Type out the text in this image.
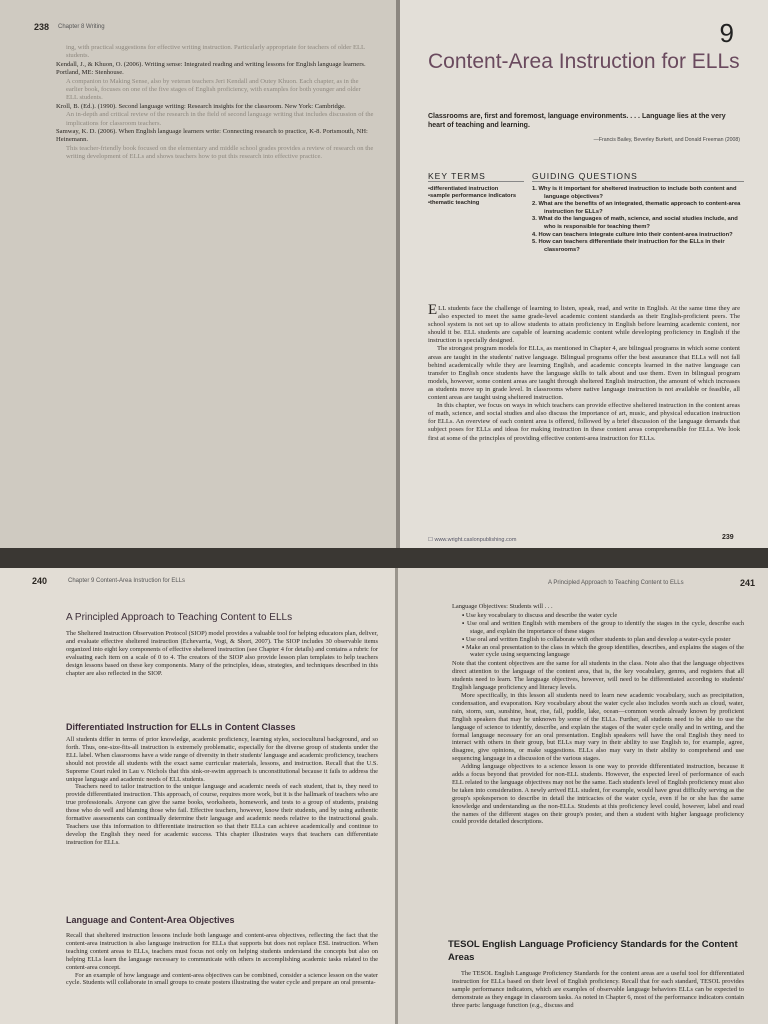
238 Chapter 8 Writing

ing, with practical suggestions for effective writing instruction. Particularly appropriate for teachers of older ELL students.

Kendall, J., & Khuon, O. (2006). Writing sense: Integrated reading and writing lessons for English language learners. Portland, ME: Stenhouse.

A companion to Making Sense, also by veteran teachers Jeri Kendall and Outey Khuon. Each chapter, as in the earlier book, focuses on one of the five stages of English proficiency, with examples for both younger and older ELL students.

Kroll, B. (Ed.). (1990). Second language writing: Research insights for the classroom. New York: Cambridge.

An in-depth and critical review of the research in the field of second language writing that includes discussion of the implications for classroom teachers.

Samway, K. D. (2006). When English language learners write: Connecting research to practice, K-8. Portsmouth, NH: Heinemann.

This teacher-friendly book focused on the elementary and middle school grades provides a review of research on the writing development of ELLs and shows teachers how to put this research into effective practice.

9
Content-Area Instruction for ELLs
Classrooms are, first and foremost, language environments. . . . Language lies at the very heart of teaching and learning.
—Francis Bailey, Beverley Burkett, and Donald Freeman (2008)
KEY TERMS	GUIDING QUESTIONS
• differentiated instruction
• sample performance indicators
• thematic teaching
1. Why is it important for sheltered instruction to include both content and language objectives?
2. What are the benefits of an integrated, thematic approach to content-area instruction for ELLs?
3. What do the languages of math, science, and social studies include, and who is responsible for teaching them?
4. How can teachers integrate culture into their content-area instruction?
5. How can teachers differentiate their instruction for the ELLs in their classrooms?

ELL students face the challenge of learning to listen, speak, read, and write in English. At the same time they are also expected to meet the same grade-level academic content standards as their English-proficient peers. The school system is not set up to allow students to attain proficiency in English before learning academic content, nor should it be. ELL students are capable of learning academic content while developing proficiency in English if the instruction is specially designed.

The strongest program models for ELLs, as mentioned in Chapter 4, are bilingual programs in which some content areas are taught in the students' native language. Bilingual programs offer the best assurance that ELLs will not fall behind academically while they are learning English, and academic concepts learned in the native language can transfer to English once students have the language skills to talk about and use them. Even in bilingual program models, however, some content areas are taught through sheltered English instruction, the amount of which increases as students move up in grade level. In classrooms where native language instruction is not available or feasible, all content areas are taught using sheltered instruction.

In this chapter, we focus on ways in which teachers can provide effective sheltered instruction in the content areas of math, science, and social studies and also discuss the importance of art, music, and physical education instruction for ELLs. An overview of each content area is offered, followed by a brief discussion of the language demands that subject poses for ELLs and ideas for making instruction in these content areas comprehensible for ELLs. We look first at some of the principles of providing effective content-area instruction for ELLs.

☐ www.wright.caslonpublishing.com	239
240	Chapter 9 Content-Area Instruction for ELLs
A Principled Approach to Teaching Content to ELLs

The Sheltered Instruction Observation Protocol (SIOP) model provides a valuable tool for helping educators plan, deliver, and evaluate effective sheltered instruction (Echevarria, Vogt, & Short, 2007). The SIOP includes 30 observable items organized into eight key components of effective sheltered instruction (see Chapter 4 for details) and contains a rubric for evaluating each item on a scale of 0 to 4. The creators of the SIOP also provide lesson plan templates to help teachers design lessons based on these key components. Many of the principles, ideas, strategies, and techniques described in this chapter are also reflected in the SIOP.

Differentiated Instruction for ELLs in Content Classes

All students differ in terms of prior knowledge, academic proficiency, learning styles, sociocultural background, and so forth. Thus, one-size-fits-all instruction is extremely problematic, especially for the diverse group of students under the ELL label. When classrooms have a wide range of diversity in their students' language and academic proficiency, teachers should not provide all students with the exact same curricular materials, lessons, and instruction. Recall that the U.S. Supreme Court ruled in Lau v. Nichols that this sink-or-swim approach is unconstitutional because it fails to address the unique language and academic needs of ELL students.

Teachers need to tailor instruction to the unique language and academic needs of each student, that is, they need to provide differentiated instruction. This approach, of course, requires more work, but it is the hallmark of teachers who are true professionals. Anyone can give the same books, worksheets, homework, and tests to a group of students, praising those who do well and blaming those who fail. Effective teachers, however, know their students, and by using authentic formative assessments can continually determine their language and academic needs relative to the instructional goals. Teachers use this information to differentiate instruction so that their ELLs can achieve academically and continue to develop the English they need for academic success. This chapter illustrates ways that teachers can differentiate instruction for ELLs.

Language and Content-Area Objectives

Recall that sheltered instruction lessons include both language and content-area objectives, reflecting the fact that the content-area instruction is also language instruction for ELLs that supports but does not replace ESL instruction. When teaching content areas to ELLs, teachers must focus not only on helping students understand the concepts but also on helping ELLs learn the language necessary to communicate with others in accomplishing academic tasks related to the content-area concept.

For an example of how language and content-area objectives can be combined, consider a science lesson on the water cycle. Students will collaborate in small groups to create posters illustrating the water cycle and prepare an oral presenta-

A Principled Approach to Teaching Content to ELLs	241

Language Objectives: Students will . . .

▪ Use key vocabulary to discuss and describe the water cycle
▪ Use oral and written English with members of the group to identify the stages in the cycle, describe each stage, and explain the importance of these stages
▪ Use oral and written English to collaborate with other students to plan and develop a water-cycle poster
▪ Make an oral presentation to the class in which the group identifies, describes, and explains the stages of the water cycle using sequencing language

Note that the content objectives are the same for all students in the class. Note also that the language objectives direct attention to the language of the content area, that is, the key vocabulary, genres, and registers that all students need to learn. The language objectives, however, will need to be differentiated according to students' English language proficiency and literacy levels.

More specifically, in this lesson all students need to learn new academic vocabulary, such as precipitation, condensation, and evaporation. Key vocabulary about the water cycle also includes words such as cloud, water, rain, storm, sun, sunshine, heat, rise, fall, puddle, lake, ocean—common words already known by proficient English speakers that may be unknown by some of the ELLs. Further, all students need to be able to use the language of science to identify, describe, and explain the stages of the water cycle orally and in writing, and the formal language necessary for an oral presentation. English speakers will have the oral English they need to interact with others in their group, but ELLs may vary in their ability to use English to, for example, agree, disagree, give opinions, or make suggestions. ELLs also may vary in their ability to comprehend and use sequencing language in a discussion of the various stages.

Adding language objectives to a science lesson is one way to provide differentiated instruction, because it adds a focus beyond that provided for non-ELL students. However, the expected level of performance of each ELL related to the language objectives may not be the same. Each student's level of English proficiency must also be taken into consideration. A newly arrived ELL student, for example, would have great difficulty serving as the group's spokesperson to describe in detail the intricacies of the water cycle, even if he or she has the same knowledge and understanding as the non-ELLs. Students at this proficiency level could, however, label and read the names of the different stages on their group's poster, and then a student with higher language proficiency could provide detailed descriptions.

TESOL English Language Proficiency Standards for the Content Areas

The TESOL English Language Proficiency Standards for the content areas are a useful tool for differentiated instruction for ELLs based on their level of English proficiency. Recall that for each standard, TESOL provides sample performance indicators, which are examples of observable language behaviors ELLs can be expected to demonstrate as they engage in classroom tasks. As noted in Chapter 6, most of the performance indicators contain three parts: language function (e.g., discuss and
